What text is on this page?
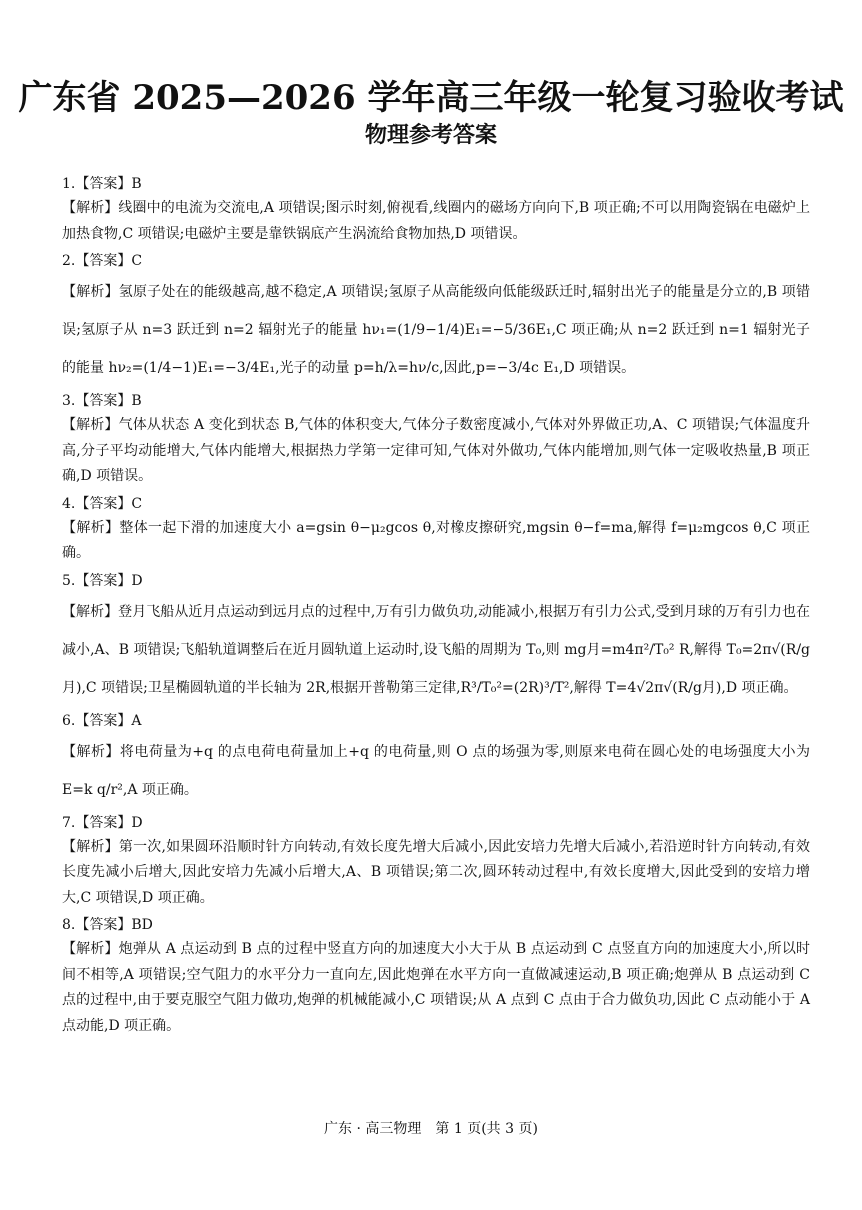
广东省 2025—2026 学年高三年级一轮复习验收考试
物理参考答案
1.【答案】B

【解析】线圈中的电流为交流电,A 项错误;图示时刻,俯视看,线圈内的磁场方向向下,B 项正确;不可以用陶瓷锅在电磁炉上加热食物,C 项错误;电磁炉主要是靠铁锅底产生涡流给食物加热,D 项错误。

2.【答案】C

【解析】氢原子处在的能级越高,越不稳定,A 项错误;氢原子从高能级向低能级跃迁时,辐射出光子的能量是分立的,B 项错误;氢原子从 n=3 跃迁到 n=2 辐射光子的能量 hν₁=(1/9−1/4)E₁=−5/36E₁,C 项正确;从 n=2 跃迁到 n=1 辐射光子的能量 hν₂=(1/4−1)E₁=−3/4E₁,光子的动量 p=h/λ=hν/c,因此,p=−3/4c E₁,D 项错误。

3.【答案】B

【解析】气体从状态 A 变化到状态 B,气体的体积变大,气体分子数密度减小,气体对外界做正功,A、C 项错误;气体温度升高,分子平均动能增大,气体内能增大,根据热力学第一定律可知,气体对外做功,气体内能增加,则气体一定吸收热量,B 项正确,D 项错误。

4.【答案】C

【解析】整体一起下滑的加速度大小 a=gsin θ−μ₂gcos θ,对橡皮擦研究,mgsin θ−f=ma,解得 f=μ₂mgcos θ,C 项正确。

5.【答案】D

【解析】登月飞船从近月点运动到远月点的过程中,万有引力做负功,动能减小,根据万有引力公式,受到月球的万有引力也在减小,A、B 项错误;飞船轨道调整后在近月圆轨道上运动时,设飞船的周期为 T₀,则 mg月=m4π²/T₀² R,解得 T₀=2π√(R/g月),C 项错误;卫星椭圆轨道的半长轴为 2R,根据开普勒第三定律,R³/T₀²=(2R)³/T²,解得 T=4√2π√(R/g月),D 项正确。

6.【答案】A

【解析】将电荷量为+q 的点电荷电荷量加上+q 的电荷量,则 O 点的场强为零,则原来电荷在圆心处的电场强度大小为 E=k q/r²,A 项正确。

7.【答案】D

【解析】第一次,如果圆环沿顺时针方向转动,有效长度先增大后减小,因此安培力先增大后减小,若沿逆时针方向转动,有效长度先减小后增大,因此安培力先减小后增大,A、B 项错误;第二次,圆环转动过程中,有效长度增大,因此受到的安培力增大,C 项错误,D 项正确。

8.【答案】BD

【解析】炮弹从 A 点运动到 B 点的过程中竖直方向的加速度大小大于从 B 点运动到 C 点竖直方向的加速度大小,所以时间不相等,A 项错误;空气阻力的水平分力一直向左,因此炮弹在水平方向一直做减速运动,B 项正确;炮弹从 B 点运动到 C 点的过程中,由于要克服空气阻力做功,炮弹的机械能减小,C 项错误;从 A 点到 C 点由于合力做负功,因此 C 点动能小于 A 点动能,D 项正确。

广东 · 高三物理　第 1 页(共 3 页)
